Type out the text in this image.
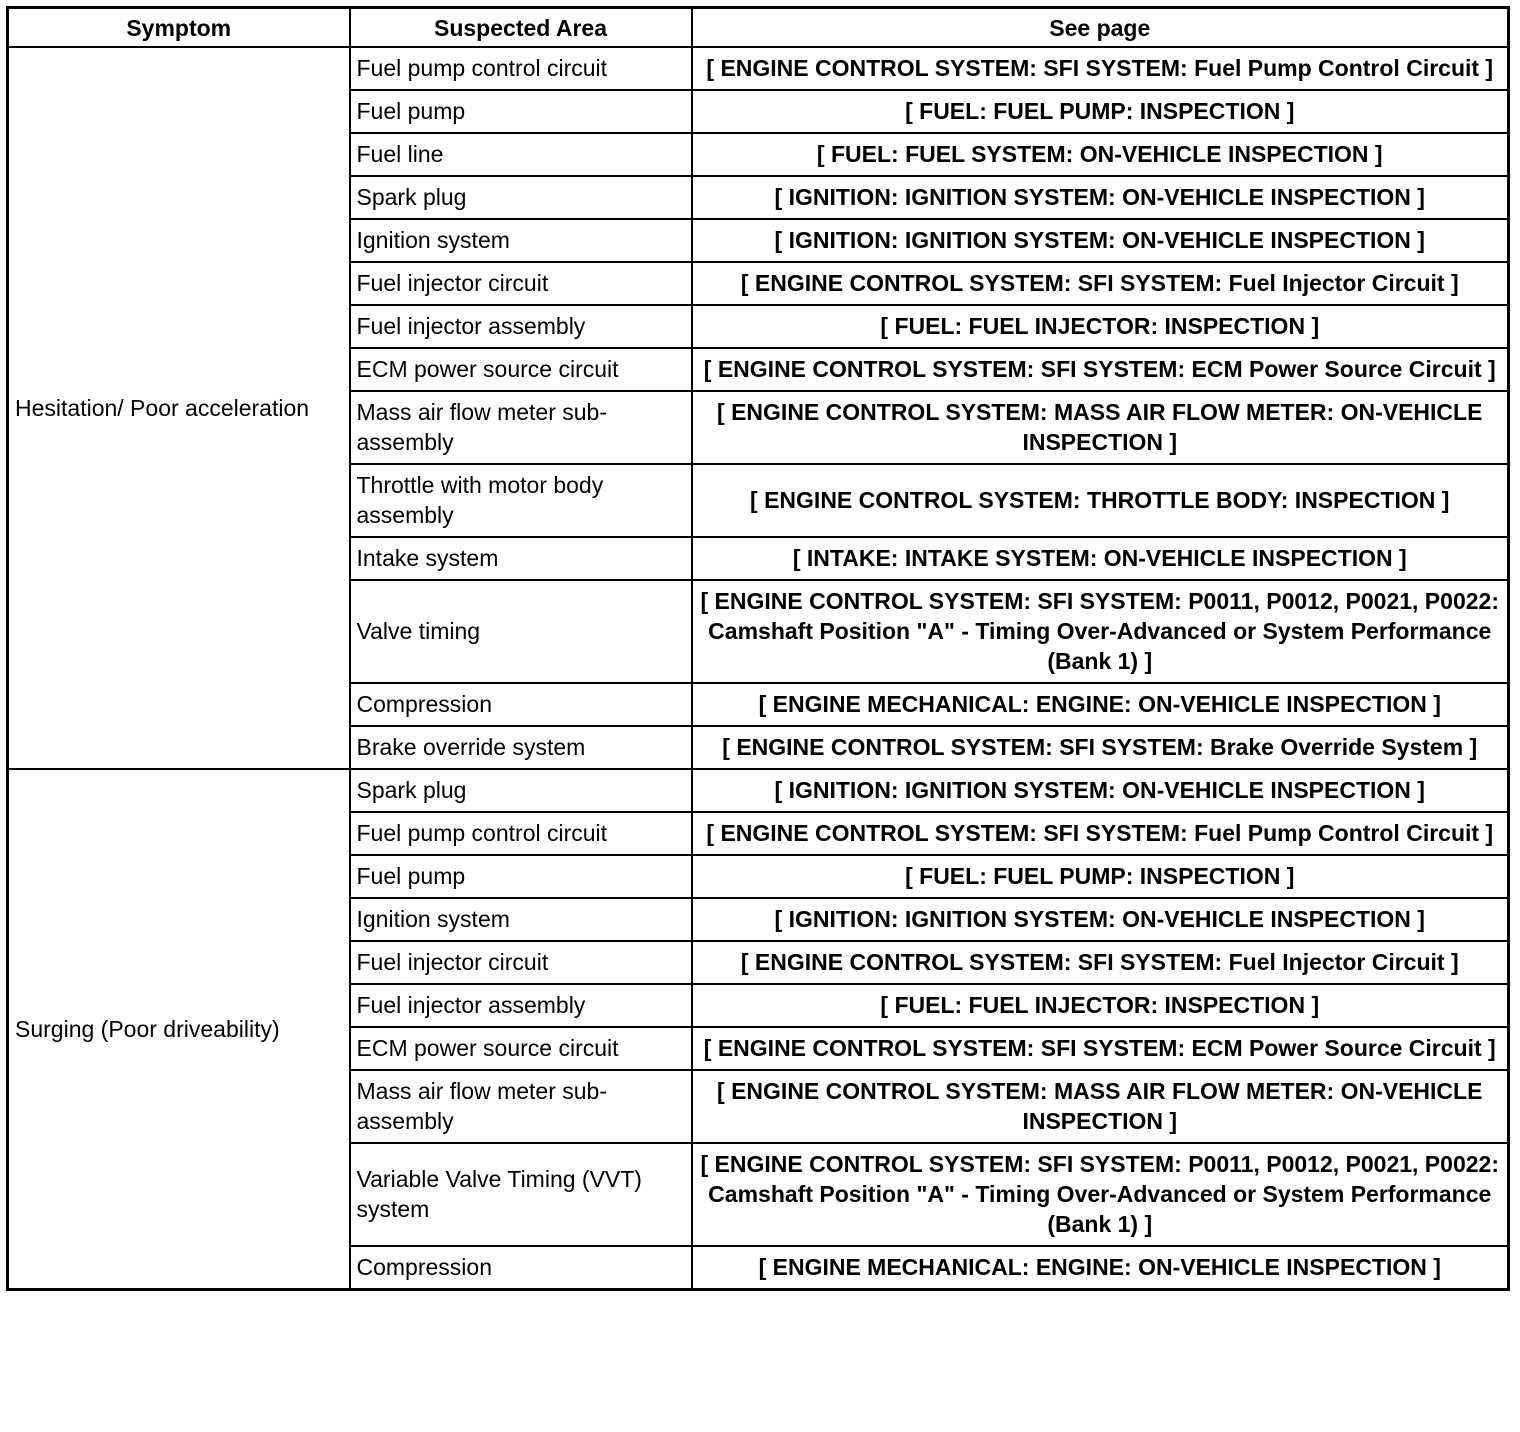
Symptom	Suspected Area	See page
Hesitation/ Poor acceleration	Fuel pump control circuit	[ ENGINE CONTROL SYSTEM: SFI SYSTEM: Fuel Pump Control Circuit ]
	Fuel pump	[ FUEL: FUEL PUMP: INSPECTION ]
	Fuel line	[ FUEL: FUEL SYSTEM: ON-VEHICLE INSPECTION ]
	Spark plug	[ IGNITION: IGNITION SYSTEM: ON-VEHICLE INSPECTION ]
	Ignition system	[ IGNITION: IGNITION SYSTEM: ON-VEHICLE INSPECTION ]
	Fuel injector circuit	[ ENGINE CONTROL SYSTEM: SFI SYSTEM: Fuel Injector Circuit ]
	Fuel injector assembly	[ FUEL: FUEL INJECTOR: INSPECTION ]
	ECM power source circuit	[ ENGINE CONTROL SYSTEM: SFI SYSTEM: ECM Power Source Circuit ]
	Mass air flow meter sub-assembly	[ ENGINE CONTROL SYSTEM: MASS AIR FLOW METER: ON-VEHICLE INSPECTION ]
	Throttle with motor body assembly	[ ENGINE CONTROL SYSTEM: THROTTLE BODY: INSPECTION ]
	Intake system	[ INTAKE: INTAKE SYSTEM: ON-VEHICLE INSPECTION ]
	Valve timing	[ ENGINE CONTROL SYSTEM: SFI SYSTEM: P0011, P0012, P0021, P0022: Camshaft Position "A" - Timing Over-Advanced or System Performance (Bank 1) ]
	Compression	[ ENGINE MECHANICAL: ENGINE: ON-VEHICLE INSPECTION ]
	Brake override system	[ ENGINE CONTROL SYSTEM: SFI SYSTEM: Brake Override System ]
Surging (Poor driveability)	Spark plug	[ IGNITION: IGNITION SYSTEM: ON-VEHICLE INSPECTION ]
	Fuel pump control circuit	[ ENGINE CONTROL SYSTEM: SFI SYSTEM: Fuel Pump Control Circuit ]
	Fuel pump	[ FUEL: FUEL PUMP: INSPECTION ]
	Ignition system	[ IGNITION: IGNITION SYSTEM: ON-VEHICLE INSPECTION ]
	Fuel injector circuit	[ ENGINE CONTROL SYSTEM: SFI SYSTEM: Fuel Injector Circuit ]
	Fuel injector assembly	[ FUEL: FUEL INJECTOR: INSPECTION ]
	ECM power source circuit	[ ENGINE CONTROL SYSTEM: SFI SYSTEM: ECM Power Source Circuit ]
	Mass air flow meter sub-assembly	[ ENGINE CONTROL SYSTEM: MASS AIR FLOW METER: ON-VEHICLE INSPECTION ]
	Variable Valve Timing (VVT) system	[ ENGINE CONTROL SYSTEM: SFI SYSTEM: P0011, P0012, P0021, P0022: Camshaft Position "A" - Timing Over-Advanced or System Performance (Bank 1) ]
	Compression	[ ENGINE MECHANICAL: ENGINE: ON-VEHICLE INSPECTION ]
